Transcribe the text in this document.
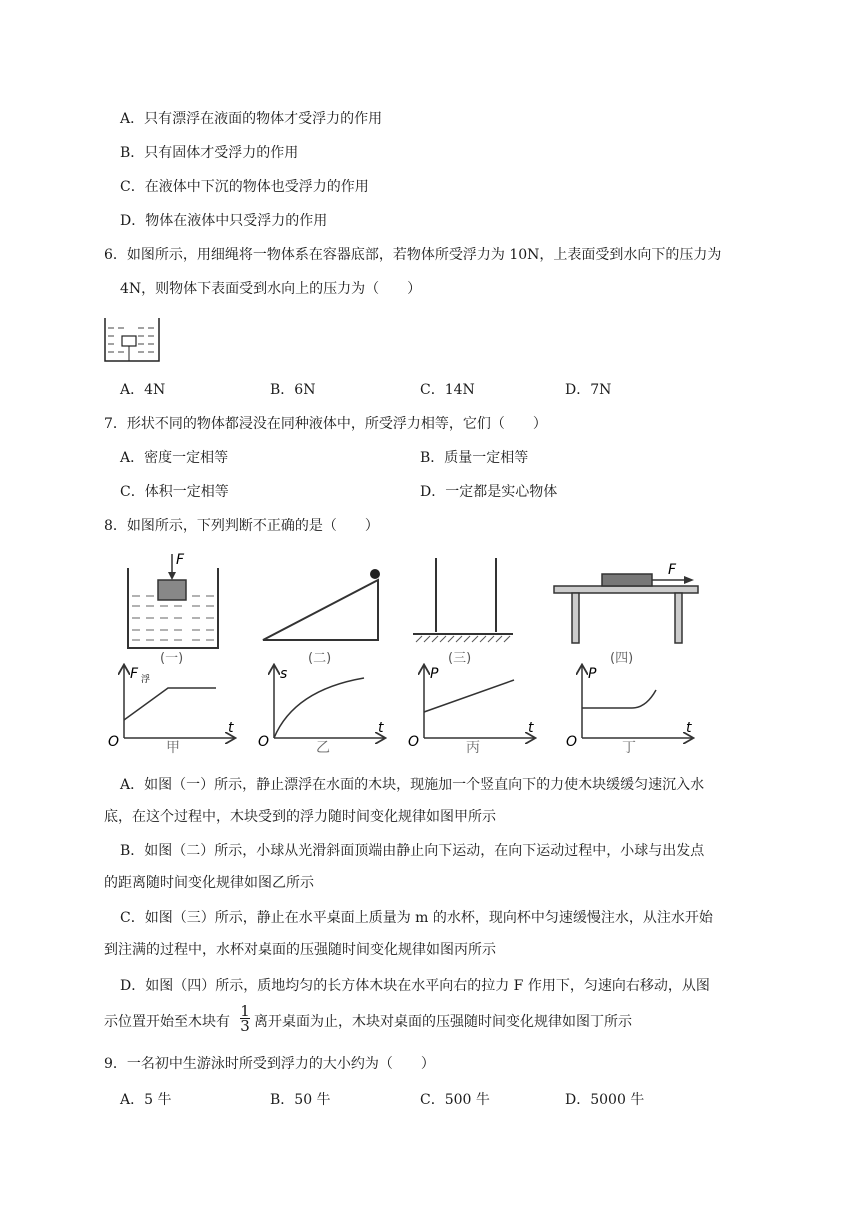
A．只有漂浮在液面的物体才受浮力的作用
B．只有固体才受浮力的作用
C．在液体中下沉的物体也受浮力的作用
D．物体在液体中只受浮力的作用
6．如图所示，用细绳将一物体系在容器底部，若物体所受浮力为 10N，上表面受到水向下的压力为
4N，则物体下表面受到水向上的压力为（　　）
A．4N	B．6N	C．14N	D．7N
7．形状不同的物体都浸没在同种液体中，所受浮力相等，它们（　　）
A．密度一定相等	B．质量一定相等
C．体积一定相等	D．一定都是实心物体
8．如图所示，下列判断不正确的是（　　）
F
F
(一)	(二)	(三)	(四)
O
F 浮
t
甲	O
s
t
乙	O
P
t
丙	O
P
t
丁
A．如图（一）所示，静止漂浮在水面的木块，现施加一个竖直向下的力使木块缓缓匀速沉入水
底，在这个过程中，木块受到的浮力随时间变化规律如图甲所示
B．如图（二）所示，小球从光滑斜面顶端由静止向下运动，在向下运动过程中，小球与出发点
的距离随时间变化规律如图乙所示
C．如图（三）所示，静止在水平桌面上质量为 m 的水杯，现向杯中匀速缓慢注水，从注水开始
到注满的过程中，水杯对桌面的压强随时间变化规律如图丙所示
D．如图（四）所示，质地均匀的长方体木块在水平向右的拉力 F 作用下，匀速向右移动，从图
示位置开始至木块有
1
3 离开桌面为止，木块对桌面的压强随时间变化规律如图丁所示
9．一名初中生游泳时所受到浮力的大小约为（　　）
A．5 牛	B．50 牛	C．500 牛	D．5000 牛
